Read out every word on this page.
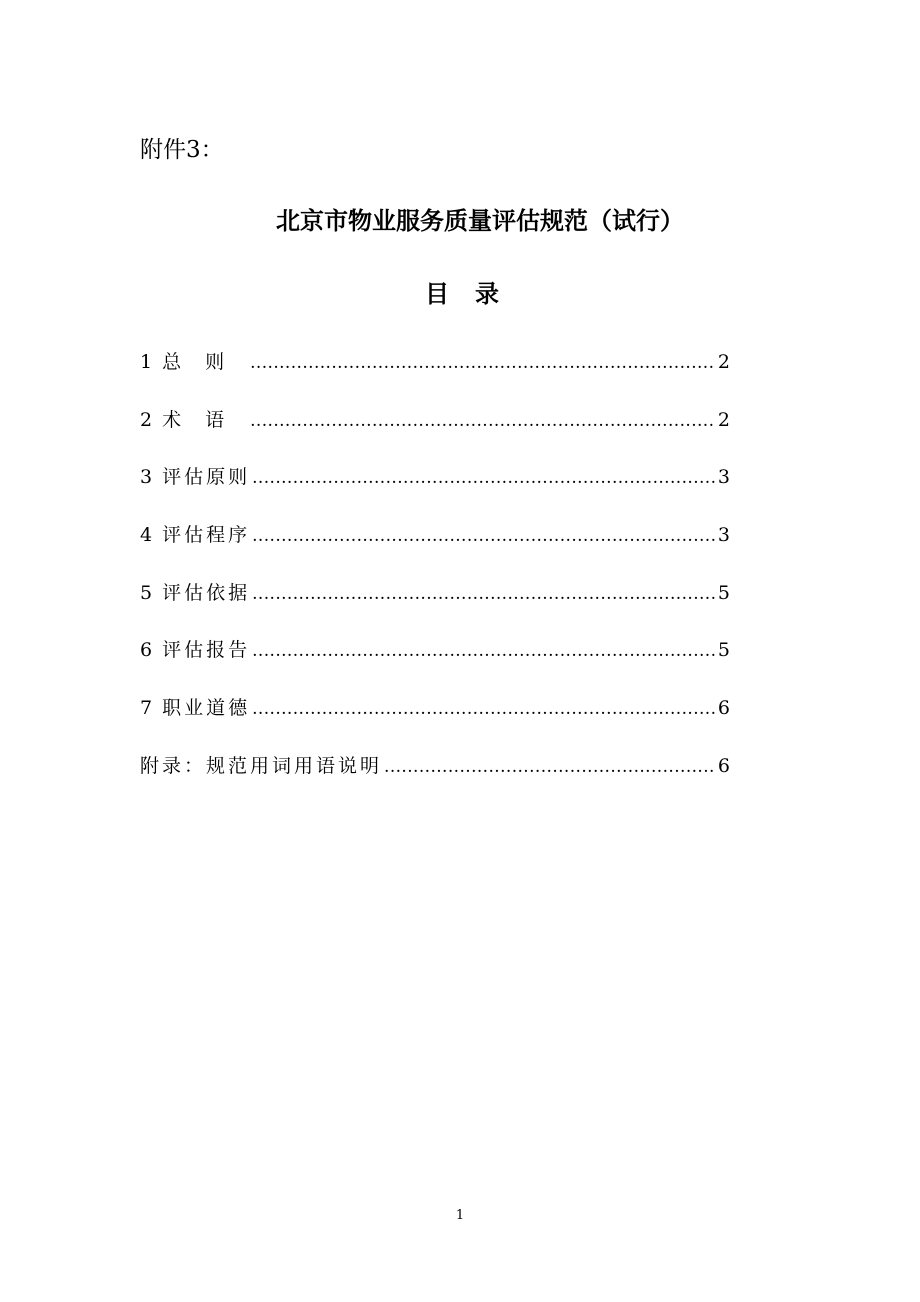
附件3：
北京市物业服务质量评估规范（试行）
目录
1 总则 .....	2
2 术语 .....	2
3 评估原则 .....	3
4 评估程序 .....	3
5 评估依据 .....	5
6 评估报告 .....	5
7 职业道德 .....	6
附录：规范用词用语说明 .....	6
1
